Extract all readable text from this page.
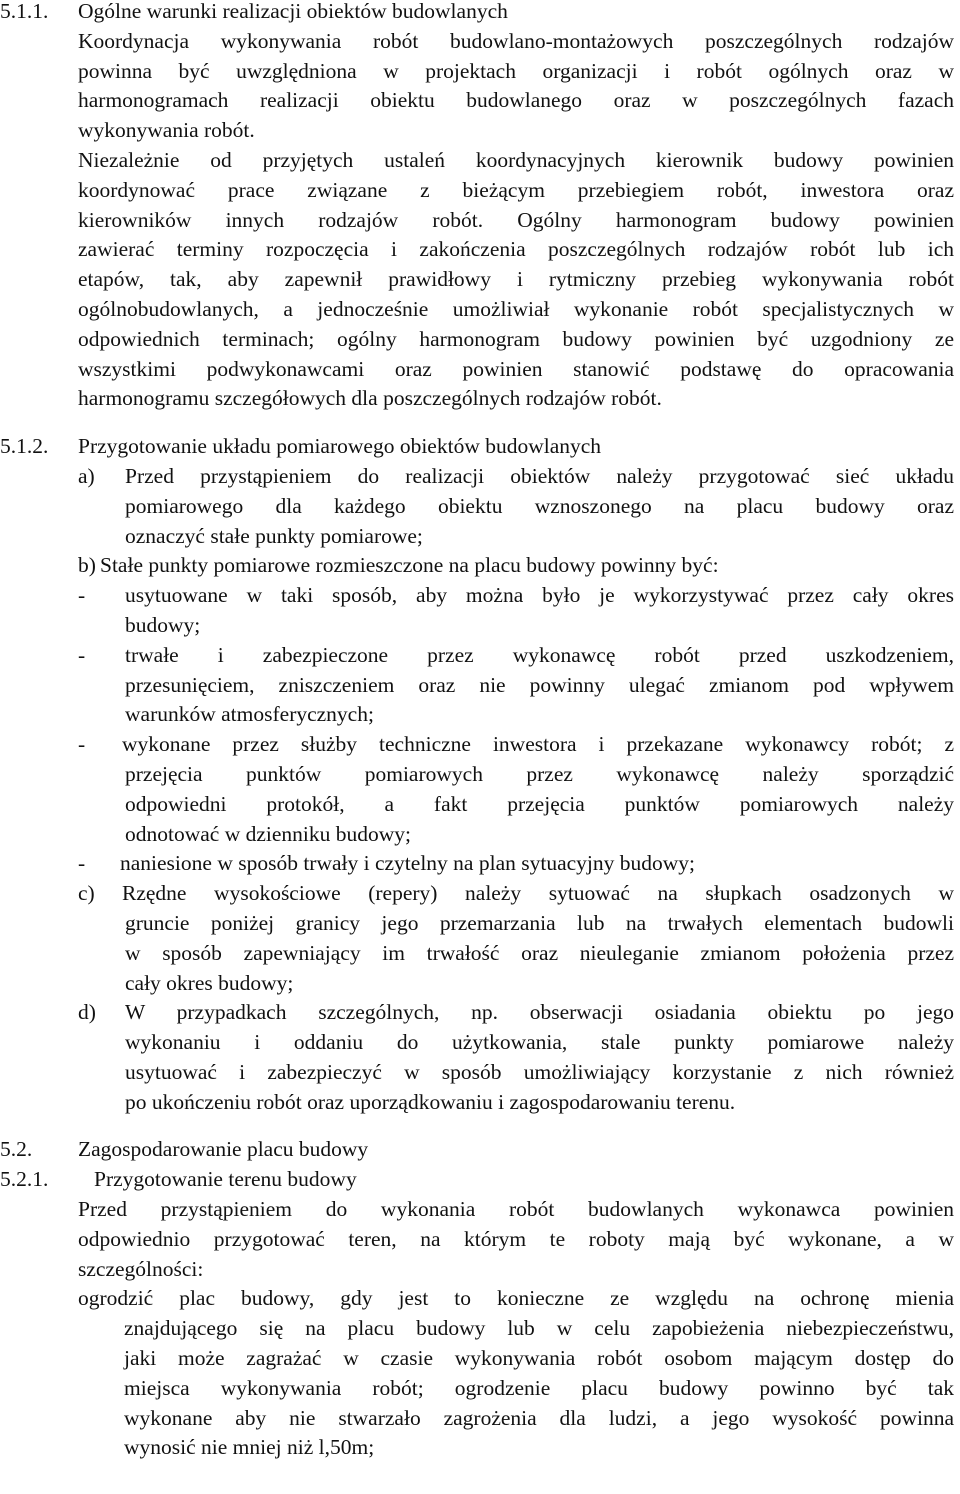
5.1.1.	Ogólne warunki realizacji obiektów budowlanych
Koordynacja wykonywania robót budowlano-montażowych poszczególnych rodzajów
powinna być uwzględniona w projektach organizacji i robót ogólnych oraz w
harmonogramach realizacji obiektu budowlanego oraz w poszczególnych fazach
wykonywania robót.
Niezależnie od przyjętych ustaleń koordynacyjnych kierownik budowy powinien
koordynować prace związane z bieżącym przebiegiem robót, inwestora oraz
kierowników innych rodzajów robót. Ogólny harmonogram budowy powinien
zawierać terminy rozpoczęcia i zakończenia poszczególnych rodzajów robót lub ich
etapów, tak, aby zapewnił prawidłowy i rytmiczny przebieg wykonywania robót
ogólnobudowlanych, a jednocześnie umożliwiał wykonanie robót specjalistycznych w
odpowiednich terminach; ogólny harmonogram budowy powinien być uzgodniony ze
wszystkimi podwykonawcami oraz powinien stanowić podstawę do opracowania
harmonogramu szczegółowych dla poszczególnych rodzajów robót.
5.1.2.	Przygotowanie układu pomiarowego obiektów budowlanych
a)	Przed przystąpieniem do realizacji obiektów należy przygotować sieć układu
pomiarowego dla każdego obiektu wznoszonego na placu budowy oraz
oznaczyć stałe punkty pomiarowe;
b) Stałe punkty pomiarowe rozmieszczone na placu budowy powinny być:
-	usytuowane w taki sposób, aby można było je wykorzystywać przez cały okres
budowy;
-	trwałe i zabezpieczone przez wykonawcę robót przed uszkodzeniem,
przesunięciem, zniszczeniem oraz nie powinny ulegać zmianom pod wpływem
warunków atmosferycznych;
-	wykonane przez służby techniczne inwestora i przekazane wykonawcy robót; z
przejęcia punktów pomiarowych przez wykonawcę należy sporządzić
odpowiedni protokół, a fakt przejęcia punktów pomiarowych należy
odnotować w dzienniku budowy;
-	naniesione w sposób trwały i czytelny na plan sytuacyjny budowy;
c)	Rzędne wysokościowe (repery) należy sytuować na słupkach osadzonych w
gruncie poniżej granicy jego przemarzania lub na trwałych elementach budowli
w sposób zapewniający im trwałość oraz nieuleganie zmianom położenia przez
cały okres budowy;
d)	W przypadkach szczególnych, np. obserwacji osiadania obiektu po jego
wykonaniu i oddaniu do użytkowania, stale punkty pomiarowe należy
usytuować i zabezpieczyć w sposób umożliwiający korzystanie z nich również
po ukończeniu robót oraz uporządkowaniu i zagospodarowaniu terenu.
5.2.	Zagospodarowanie placu budowy
5.2.1.	Przygotowanie terenu budowy
Przed przystąpieniem do wykonania robót budowlanych wykonawca powinien
odpowiednio przygotować teren, na którym te roboty mają być wykonane, a w
szczególności:
ogrodzić plac budowy, gdy jest to konieczne ze względu na ochronę mienia
znajdującego się na placu budowy lub w celu zapobieżenia niebezpieczeństwu,
jaki może zagrażać w czasie wykonywania robót osobom mającym dostęp do
miejsca wykonywania robót; ogrodzenie placu budowy powinno być tak
wykonane aby nie stwarzało zagrożenia dla ludzi, a jego wysokość powinna
wynosić nie mniej niż l,50m;
